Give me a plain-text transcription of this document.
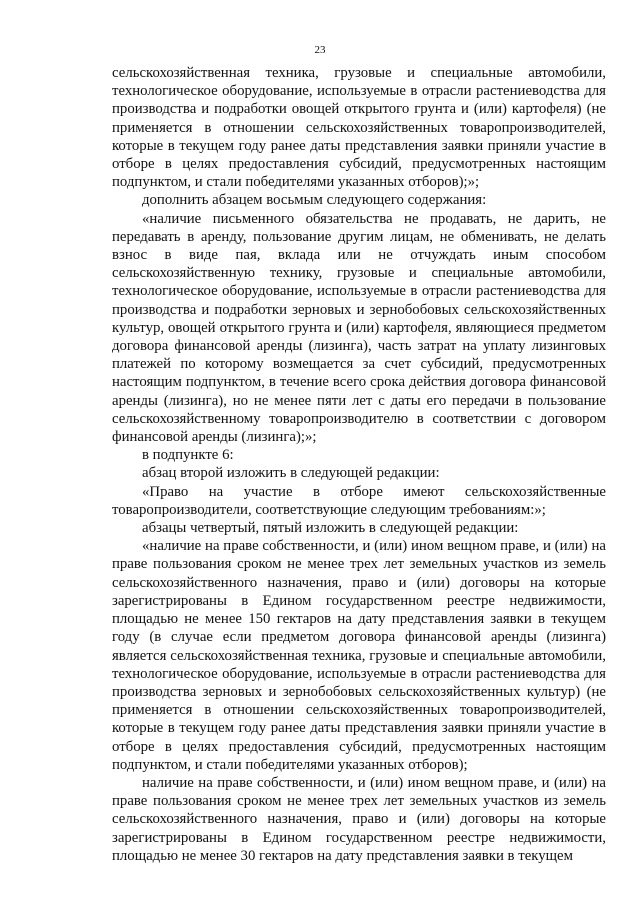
23

сельскохозяйственная техника, грузовые и специальные автомобили, технологическое оборудование, используемые в отрасли растениеводства для производства и подработки овощей открытого грунта и (или) картофеля) (не применяется в отношении сельскохозяйственных товаропроизводителей, которые в текущем году ранее даты представления заявки приняли участие в отборе в целях предоставления субсидий, предусмотренных настоящим подпунктом, и стали победителями указанных отборов);»;

дополнить абзацем восьмым следующего содержания:

«наличие письменного обязательства не продавать, не дарить, не передавать в аренду, пользование другим лицам, не обменивать, не делать взнос в виде пая, вклада или не отчуждать иным способом сельскохозяйственную технику, грузовые и специальные автомобили, технологическое оборудование, используемые в отрасли растениеводства для производства и подработки зерновых и зернобобовых сельскохозяйственных культур, овощей открытого грунта и (или) картофеля, являющиеся предметом договора финансовой аренды (лизинга), часть затрат на уплату лизинговых платежей по которому возмещается за счет субсидий, предусмотренных настоящим подпунктом, в течение всего срока действия договора финансовой аренды (лизинга), но не менее пяти лет с даты его передачи в пользование сельскохозяйственному товаропроизводителю в соответствии с договором финансовой аренды (лизинга);»;

в подпункте 6:

абзац второй изложить в следующей редакции:

«Право на участие в отборе имеют сельскохозяйственные товаропроизводители, соответствующие следующим требованиям:»;

абзацы четвертый, пятый изложить в следующей редакции:

«наличие на праве собственности, и (или) ином вещном праве, и (или) на праве пользования сроком не менее трех лет земельных участков из земель сельскохозяйственного назначения, право и (или) договоры на которые зарегистрированы в Едином государственном реестре недвижимости, площадью не менее 150 гектаров на дату представления заявки в текущем году (в случае если предметом договора финансовой аренды (лизинга) является сельскохозяйственная техника, грузовые и специальные автомобили, технологическое оборудование, используемые в отрасли растениеводства для производства зерновых и зернобобовых сельскохозяйственных культур) (не применяется в отношении сельскохозяйственных товаропроизводителей, которые в текущем году ранее даты представления заявки приняли участие в отборе в целях предоставления субсидий, предусмотренных настоящим подпунктом, и стали победителями указанных отборов);

наличие на праве собственности, и (или) ином вещном праве, и (или) на праве пользования сроком не менее трех лет земельных участков из земель сельскохозяйственного назначения, право и (или) договоры на которые зарегистрированы в Едином государственном реестре недвижимости, площадью не менее 30 гектаров на дату представления заявки в текущем
